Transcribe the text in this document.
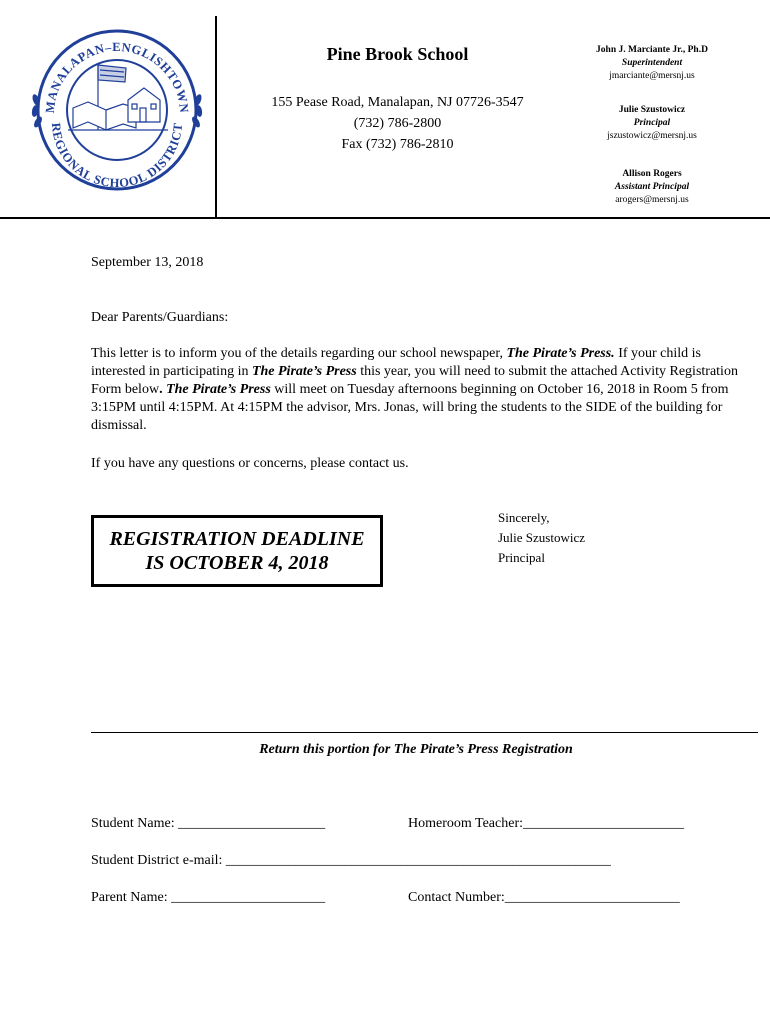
MANALAPAN–ENGLISHTOWN
REGIONAL SCHOOL DISTRICT
Pine Brook School
155 Pease Road, Manalapan, NJ 07726-3547
(732) 786-2800
Fax (732) 786-2810
John J. Marciante Jr., Ph.D
Superintendent
jmarciante@mersnj.us
Julie Szustowicz
Principal
jszustowicz@mersnj.us
Allison Rogers
Assistant Principal
arogers@mersnj.us
September 13, 2018
Dear Parents/Guardians:
This letter is to inform you of the details regarding our school newspaper, The Pirate’s Press. If your child is interested in participating in The Pirate’s Press this year, you will need to submit the attached Activity Registration Form below. The Pirate’s Press will meet on Tuesday afternoons beginning on October 16, 2018 in Room 5 from 3:15PM until 4:15PM. At 4:15PM the advisor, Mrs. Jonas, will bring the students to the SIDE of the building for dismissal.
If you have any questions or concerns, please contact us.
REGISTRATION DEADLINE
IS OCTOBER 4, 2018
Sincerely,
Julie Szustowicz
Principal
Return this portion for The Pirate’s Press Registration
Student Name: _____________________	Homeroom Teacher:_______________________
Student District e-mail: _______________________________________________________
Parent Name: ______________________	Contact Number:_________________________
